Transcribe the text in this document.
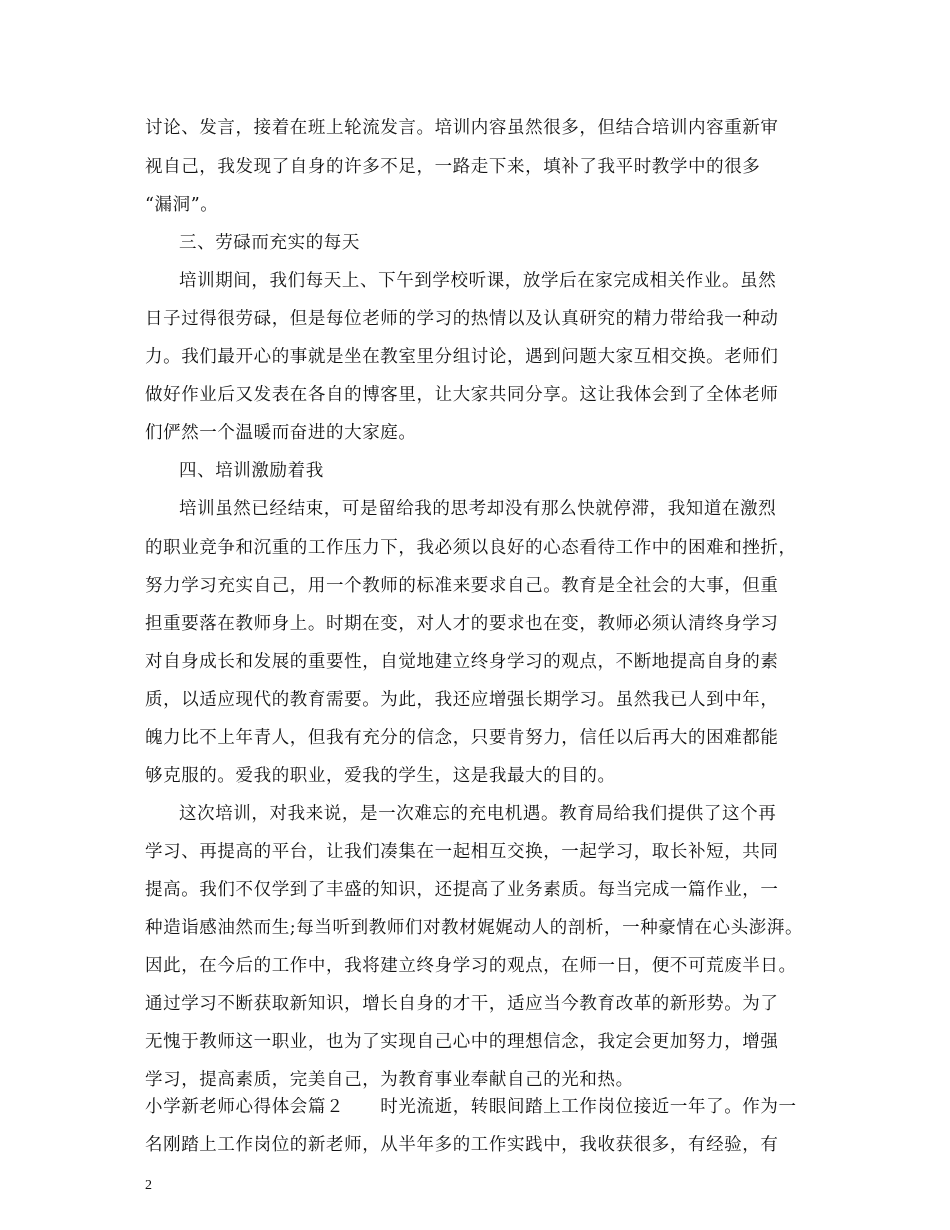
讨论、发言，接着在班上轮流发言。培训内容虽然很多，但结合培训内容重新审
视自己，我发现了自身的许多不足，一路走下来，填补了我平时教学中的很多
“漏洞”。
三、劳碌而充实的每天
培训期间，我们每天上、下午到学校听课，放学后在家完成相关作业。虽然
日子过得很劳碌，但是每位老师的学习的热情以及认真研究的精力带给我一种动
力。我们最开心的事就是坐在教室里分组讨论，遇到问题大家互相交换。老师们
做好作业后又发表在各自的博客里，让大家共同分享。这让我体会到了全体老师
们俨然一个温暖而奋进的大家庭。
四、培训激励着我
培训虽然已经结束，可是留给我的思考却没有那么快就停滞，我知道在激烈
的职业竞争和沉重的工作压力下，我必须以良好的心态看待工作中的困难和挫折，
努力学习充实自己，用一个教师的标准来要求自己。教育是全社会的大事，但重
担重要落在教师身上。时期在变，对人才的要求也在变，教师必须认清终身学习
对自身成长和发展的重要性，自觉地建立终身学习的观点，不断地提高自身的素
质，以适应现代的教育需要。为此，我还应增强长期学习。虽然我已人到中年，
魄力比不上年青人，但我有充分的信念，只要肯努力，信任以后再大的困难都能
够克服的。爱我的职业，爱我的学生，这是我最大的目的。
这次培训，对我来说，是一次难忘的充电机遇。教育局给我们提供了这个再
学习、再提高的平台，让我们凑集在一起相互交换，一起学习，取长补短，共同
提高。我们不仅学到了丰盛的知识，还提高了业务素质。每当完成一篇作业，一
种造诣感油然而生;每当听到教师们对教材娓娓动人的剖析，一种豪情在心头澎湃。
因此，在今后的工作中，我将建立终身学习的观点，在师一日，便不可荒废半日。
通过学习不断获取新知识，增长自身的才干，适应当今教育改革的新形势。为了
无愧于教师这一职业，也为了实现自己心中的理想信念，我定会更加努力，增强
学习，提高素质，完美自己，为教育事业奉献自己的光和热。
小学新老师心得体会篇２　　时光流逝，转眼间踏上工作岗位接近一年了。作为一
名刚踏上工作岗位的新老师，从半年多的工作实践中，我收获很多，有经验，有
2
